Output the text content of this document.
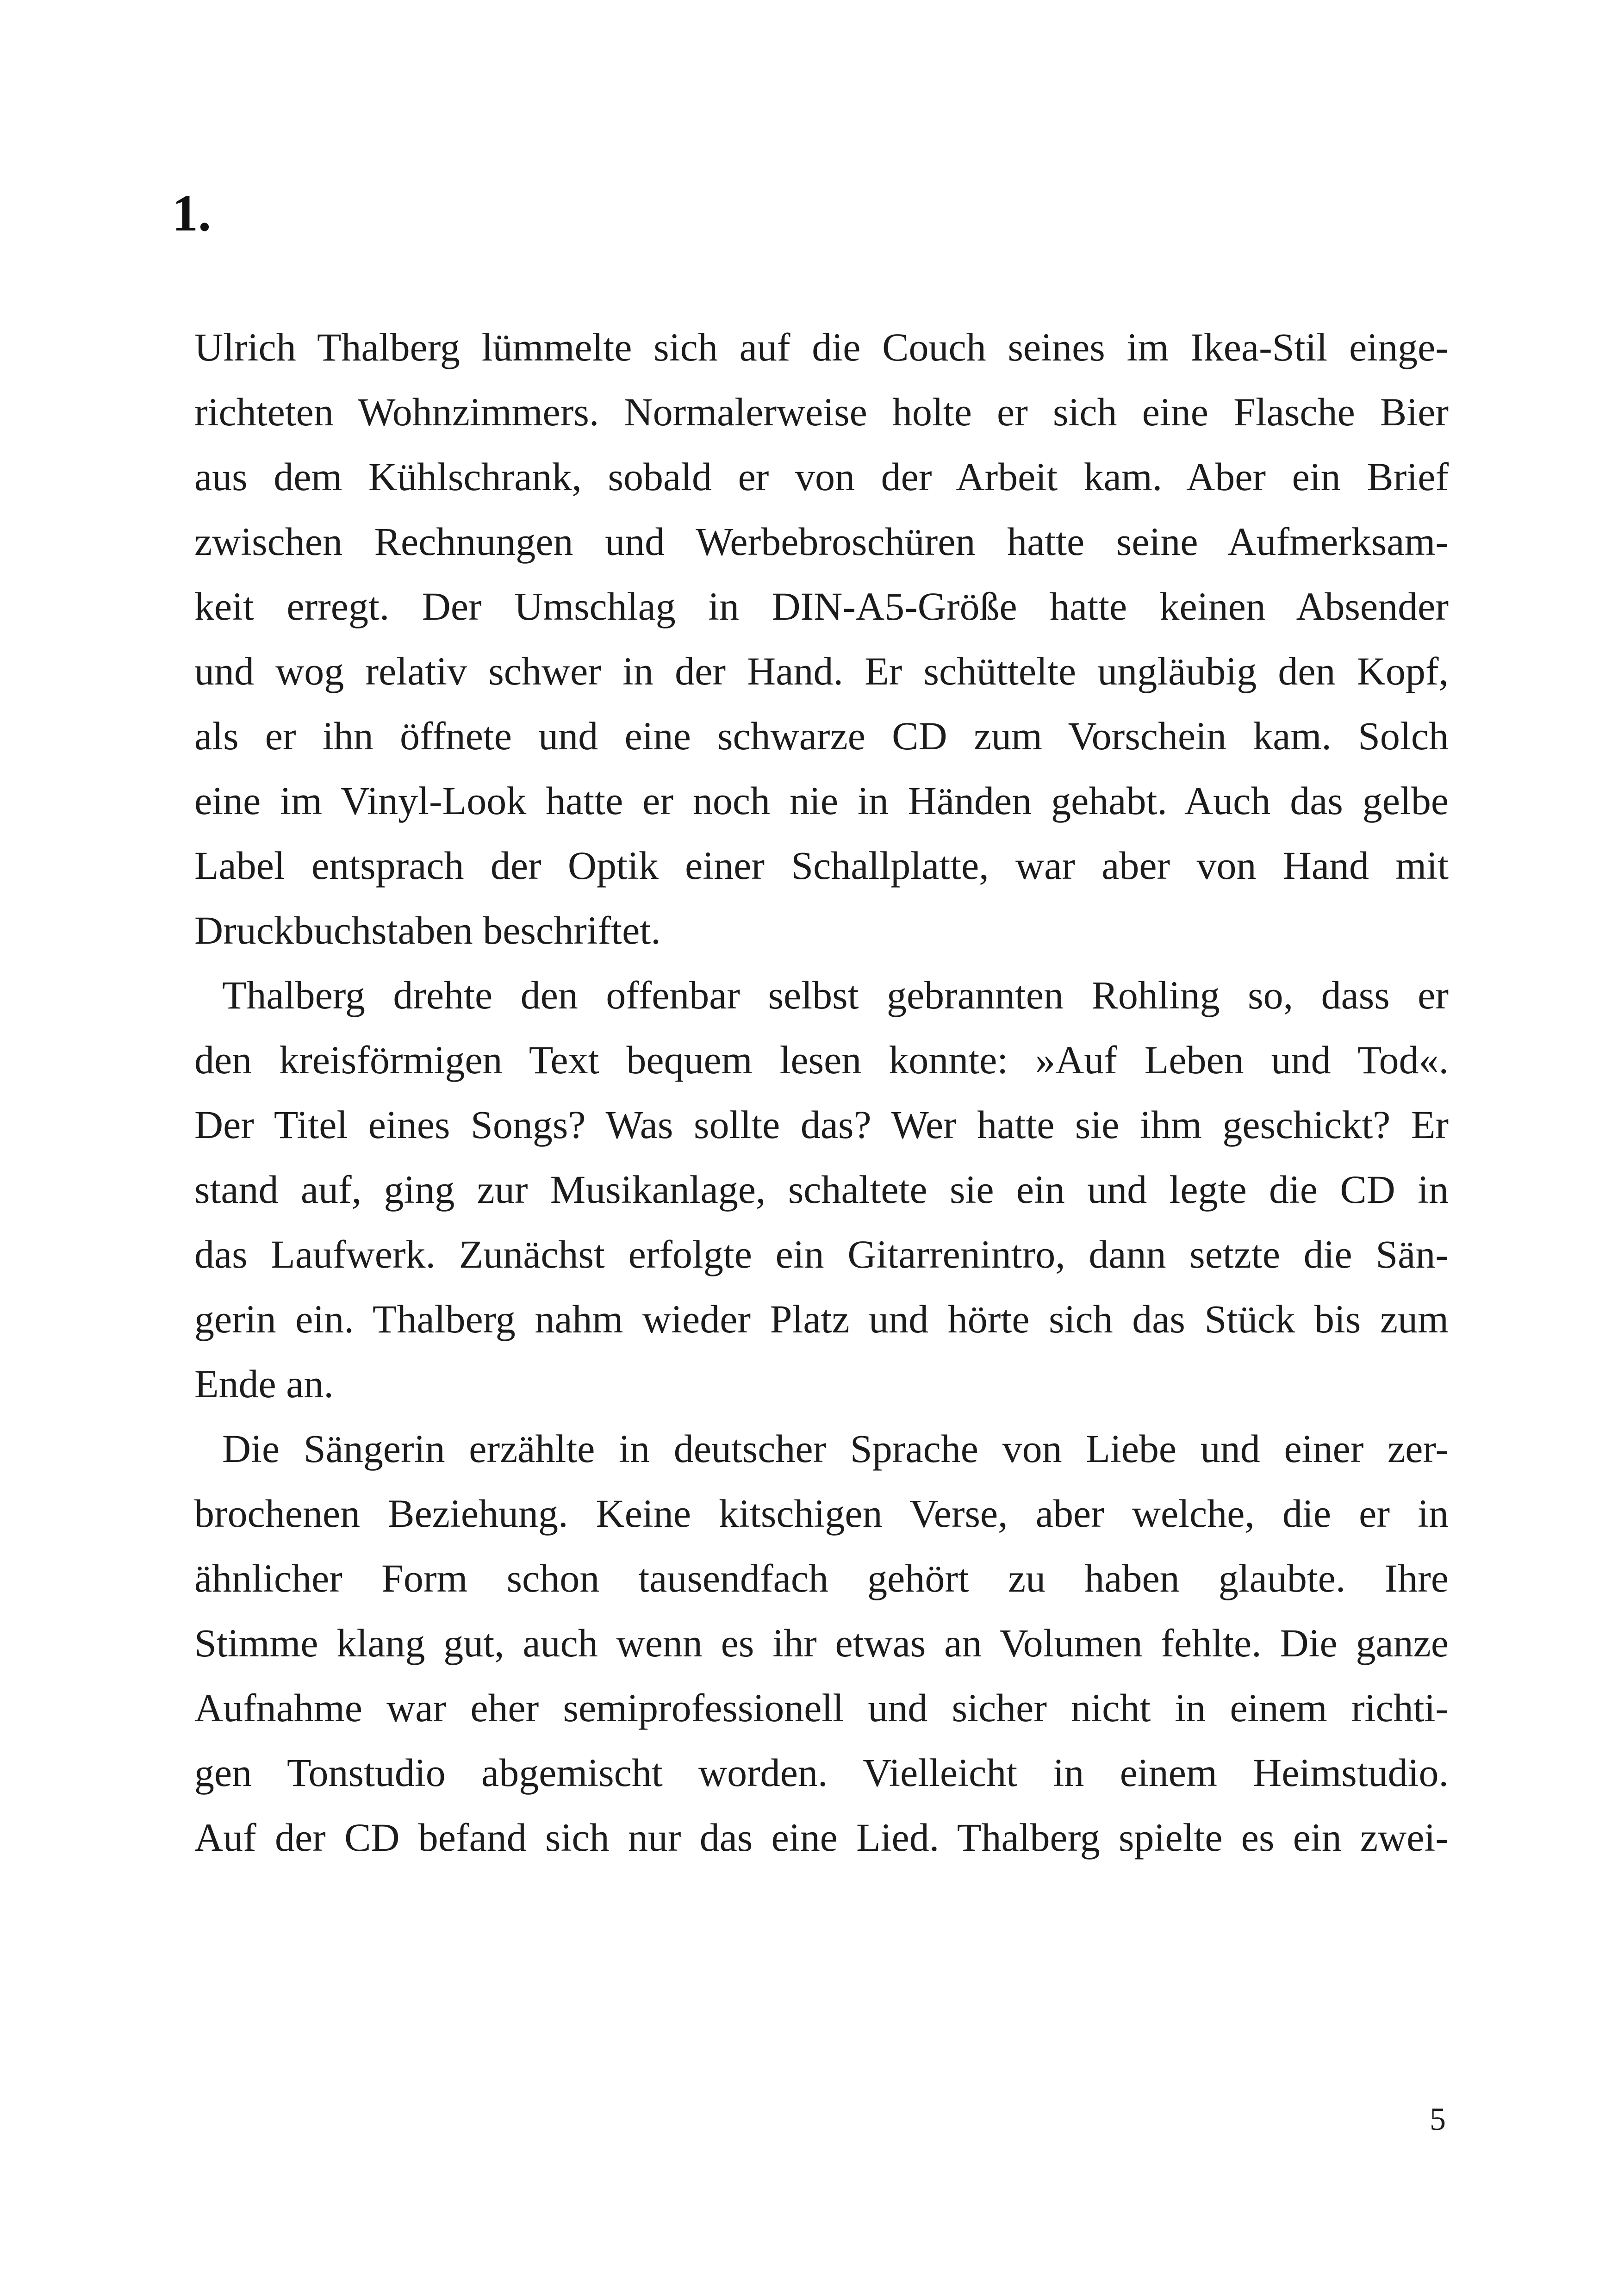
1.

Ulrich Thalberg lümmelte sich auf die Couch seines im Ikea-Stil einge-
richteten Wohnzimmers. Normalerweise holte er sich eine Flasche Bier
aus dem Kühlschrank, sobald er von der Arbeit kam. Aber ein Brief
zwischen Rechnungen und Werbebroschüren hatte seine Aufmerksam-
keit erregt. Der Umschlag in DIN-A5-Größe hatte keinen Absender
und wog relativ schwer in der Hand. Er schüttelte ungläubig den Kopf,
als er ihn öffnete und eine schwarze CD zum Vorschein kam. Solch
eine im Vinyl-Look hatte er noch nie in Händen gehabt. Auch das gelbe
Label entsprach der Optik einer Schallplatte, war aber von Hand mit
Druckbuchstaben beschriftet.

Thalberg drehte den offenbar selbst gebrannten Rohling so, dass er
den kreisförmigen Text bequem lesen konnte: »Auf Leben und Tod«.
Der Titel eines Songs? Was sollte das? Wer hatte sie ihm geschickt? Er
stand auf, ging zur Musikanlage, schaltete sie ein und legte die CD in
das Laufwerk. Zunächst erfolgte ein Gitarrenintro, dann setzte die Sän-
gerin ein. Thalberg nahm wieder Platz und hörte sich das Stück bis zum
Ende an.

Die Sängerin erzählte in deutscher Sprache von Liebe und einer zer-
brochenen Beziehung. Keine kitschigen Verse, aber welche, die er in
ähnlicher Form schon tausendfach gehört zu haben glaubte. Ihre
Stimme klang gut, auch wenn es ihr etwas an Volumen fehlte. Die ganze
Aufnahme war eher semiprofessionell und sicher nicht in einem richti-
gen Tonstudio abgemischt worden. Vielleicht in einem Heimstudio.
Auf der CD befand sich nur das eine Lied. Thalberg spielte es ein zwei-

5
